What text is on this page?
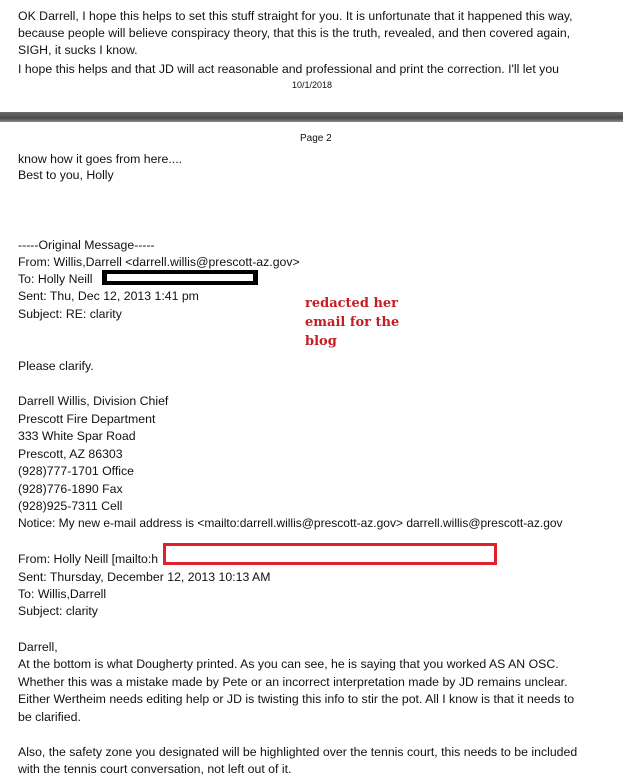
OK Darrell, I hope this helps to set this stuff straight for you. It is unfortunate that it happened this way,
because people will believe conspiracy theory, that this is the truth, revealed, and then covered again,
SIGH, it sucks I know.
I hope this helps and that JD will act reasonable and professional and print the correction. I'll let you
10/1/2018
Page 2
know how it goes from here....
Best to you, Holly
-----Original Message-----
From: Willis,Darrell <darrell.willis@prescott-az.gov>
To: Holly Neill
Sent: Thu, Dec 12, 2013 1:41 pm
Subject: RE: clarity
redacted her
email for the
blog
Please clarify.
Darrell Willis, Division Chief
Prescott Fire Department
333 White Spar Road
Prescott, AZ 86303
(928)777-1701 Office
(928)776-1890 Fax
(928)925-7311 Cell
Notice: My new e-mail address is <mailto:darrell.willis@prescott-az.gov> darrell.willis@prescott-az.gov
From: Holly Neill [mailto:h
Sent: Thursday, December 12, 2013 10:13 AM
To: Willis,Darrell
Subject: clarity
Darrell,
At the bottom is what Dougherty printed. As you can see, he is saying that you worked AS AN OSC.
Whether this was a mistake made by Pete or an incorrect interpretation made by JD remains unclear.
Either Wertheim needs editing help or JD is twisting this info to stir the pot. All I know is that it needs to
be clarified.
Also, the safety zone you designated will be highlighted over the tennis court, this needs to be included
with the tennis court conversation, not left out of it.
